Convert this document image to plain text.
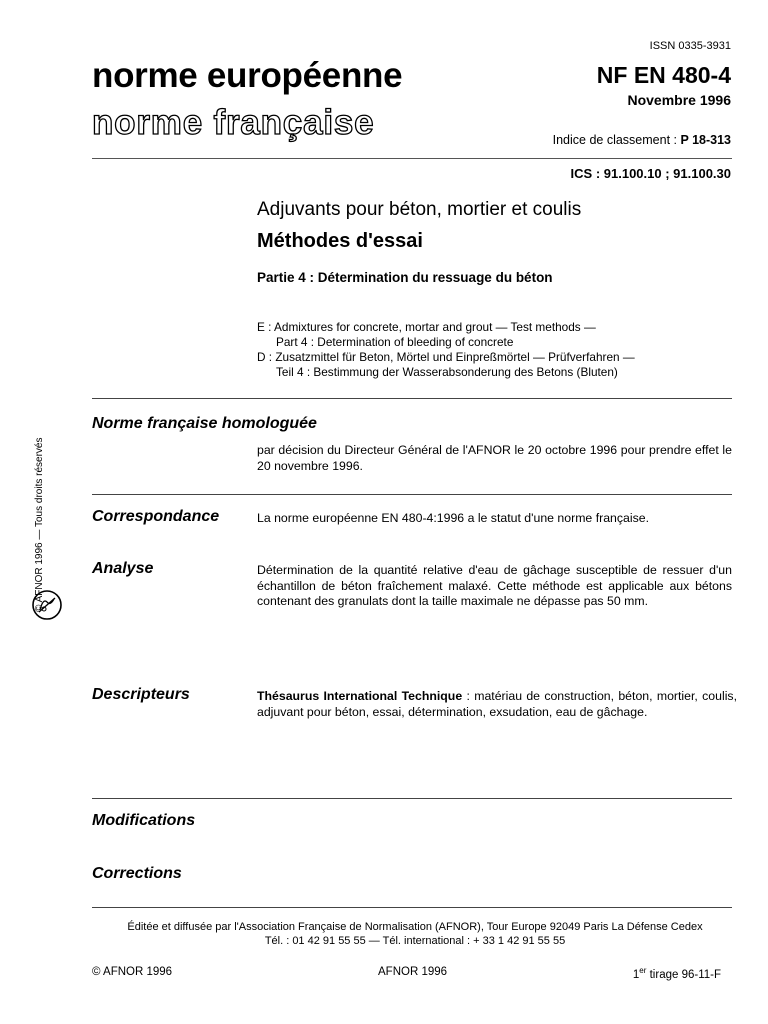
ISSN 0335-3931
norme européenne
norme française
NF EN 480-4
Novembre 1996
Indice de classement : P 18-313
ICS : 91.100.10 ; 91.100.30
Adjuvants pour béton, mortier et coulis
Méthodes d'essai
Partie 4 : Détermination du ressuage du béton
E : Admixtures for concrete, mortar and grout — Test methods —
Part 4 : Determination of bleeding of concrete
D : Zusatzmittel für Beton, Mörtel und Einpreßmörtel — Prüfverfahren —
Teil 4 : Bestimmung der Wasserabsonderung des Betons (Bluten)
© AFNOR 1996 — Tous droits réservés
Norme française homologuée
par décision du Directeur Général de l'AFNOR le 20 octobre 1996 pour prendre effet le 20 novembre 1996.
Correspondance	La norme européenne EN 480-4:1996 a le statut d'une norme française.
Analyse	Détermination de la quantité relative d'eau de gâchage susceptible de ressuer d'un échantillon de béton fraîchement malaxé. Cette méthode est applicable aux bétons contenant des granulats dont la taille maximale ne dépasse pas 50 mm.
Descripteurs	Thésaurus International Technique : matériau de construction, béton, mortier, coulis, adjuvant pour béton, essai, détermination, exsudation, eau de gâchage.
Modifications
Corrections
Éditée et diffusée par l'Association Française de Normalisation (AFNOR), Tour Europe 92049 Paris La Défense Cedex
Tél. : 01 42 91 55 55 — Tél. international : + 33 1 42 91 55 55
© AFNOR 1996	AFNOR 1996	1er tirage 96-11-F
